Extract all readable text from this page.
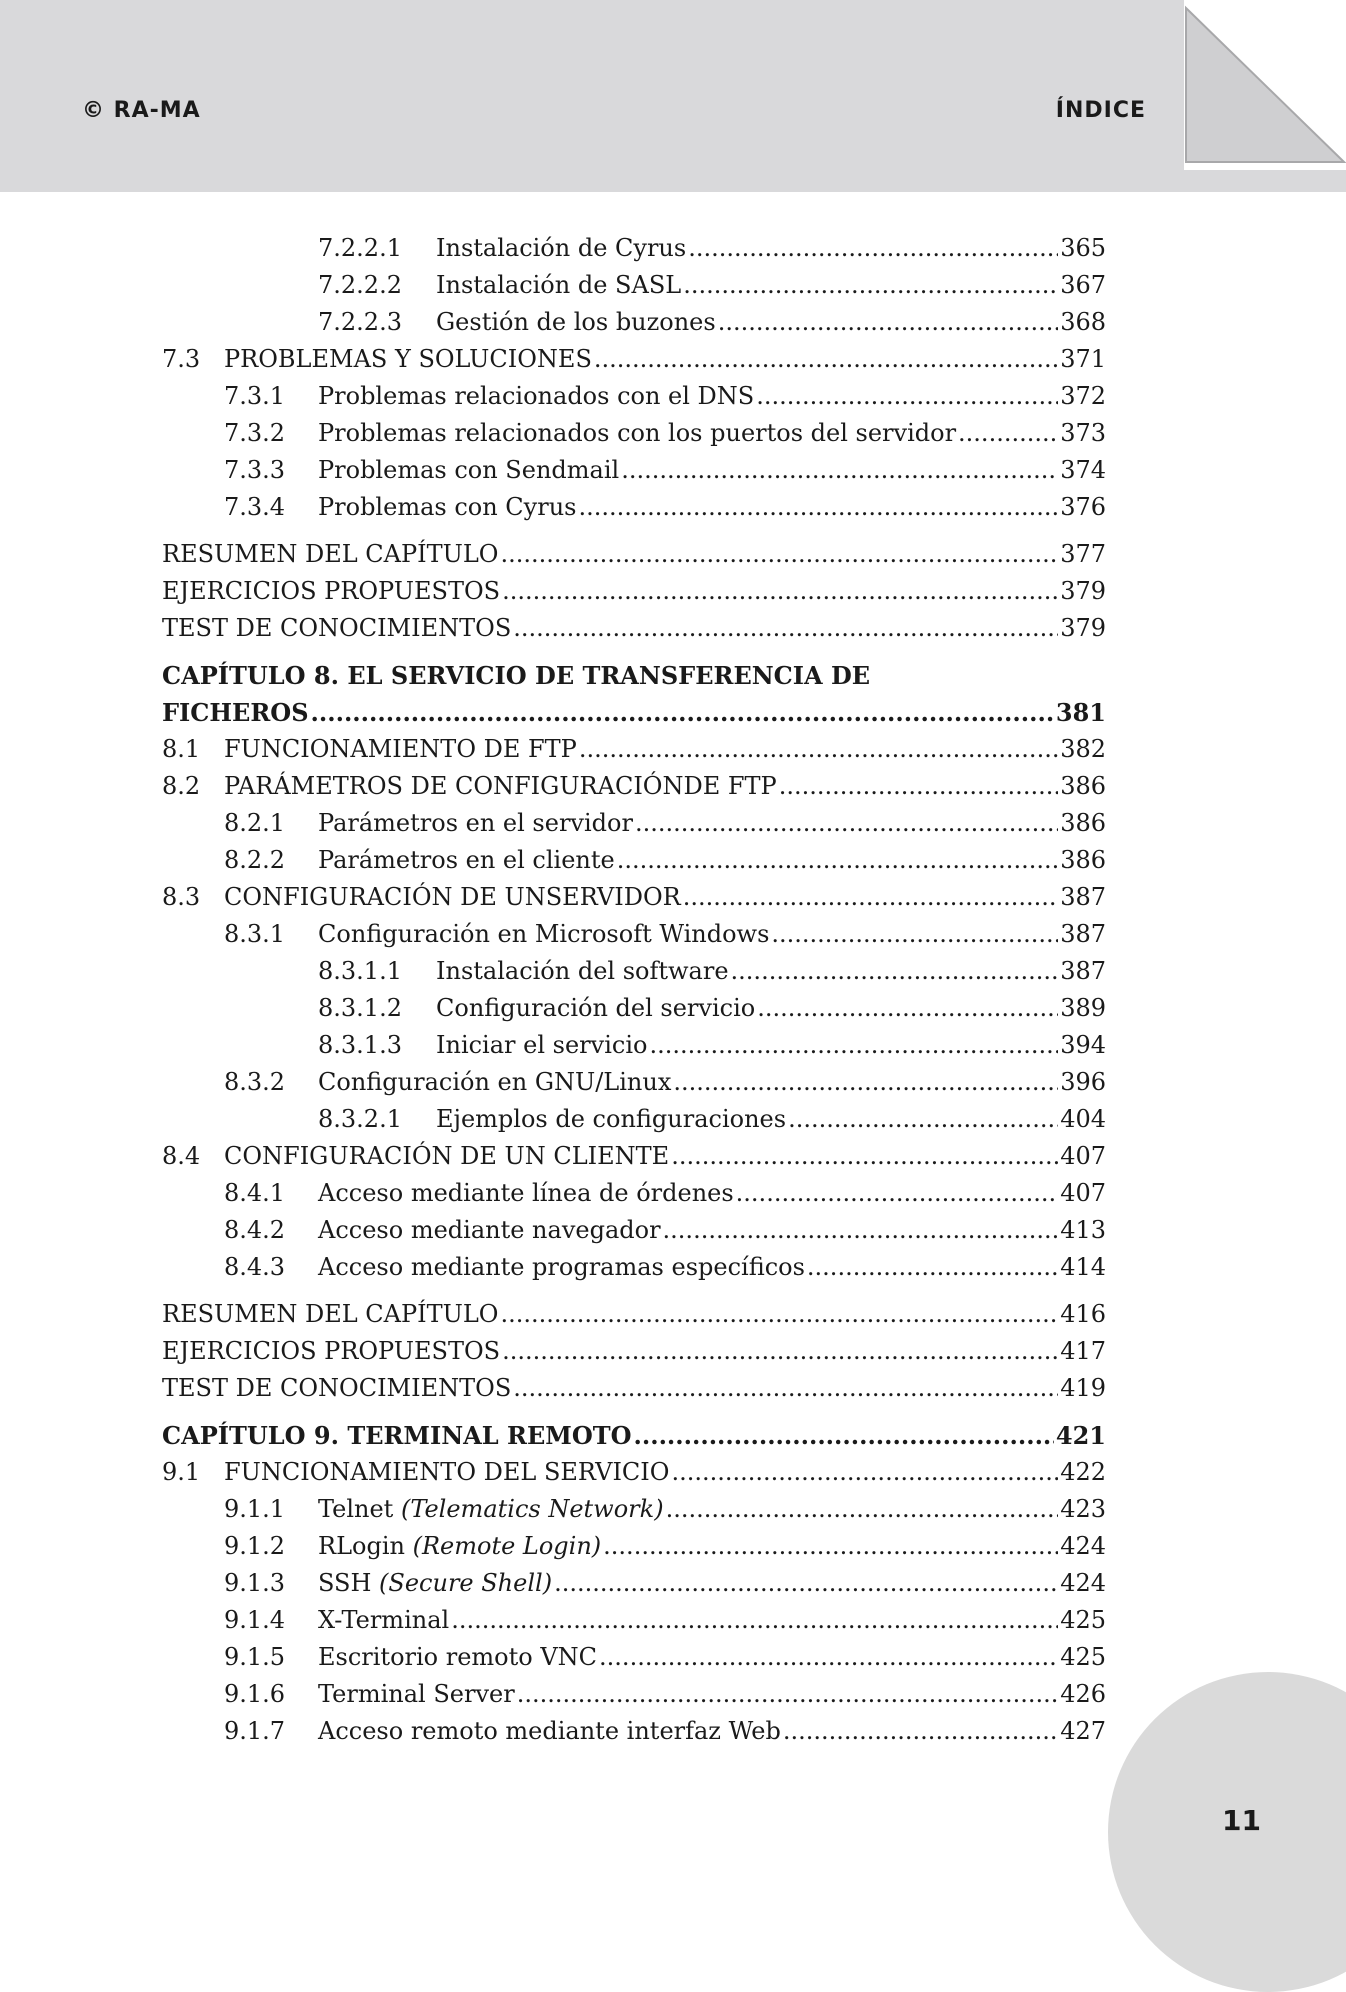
© RA-MA	ÍNDICE
11
7.2.2.1	Instalación de Cyrus .....	365
7.2.2.2	Instalación de SASL .....	367
7.2.2.3	Gestión de los buzones .....	368
7.3 PROBLEMAS Y SOLUCIONES .....	371
7.3.1	Problemas relacionados con el DNS .....	372
7.3.2	Problemas relacionados con los puertos del servidor .....	373
7.3.3	Problemas con Sendmail .....	374
7.3.4	Problemas con Cyrus .....	376
RESUMEN DEL CAPÍTULO .....	377
EJERCICIOS PROPUESTOS .....	379
TEST DE CONOCIMIENTOS .....	379
CAPÍTULO 8. EL SERVICIO DE TRANSFERENCIA DE
FICHEROS .....	381
8.1 FUNCIONAMIENTO DE FTP .....	382
8.2 PARÁMETROS DE CONFIGURACIÓNDE FTP .....	386
8.2.1	Parámetros en el servidor .....	386
8.2.2	Parámetros en el cliente .....	386
8.3 CONFIGURACIÓN DE UNSERVIDOR .....	387
8.3.1	Configuración en Microsoft Windows .....	387
8.3.1.1	Instalación del software .....	387
8.3.1.2	Configuración del servicio .....	389
8.3.1.3	Iniciar el servicio .....	394
8.3.2	Configuración en GNU/Linux .....	396
8.3.2.1	Ejemplos de configuraciones .....	404
8.4 CONFIGURACIÓN DE UN CLIENTE .....	407
8.4.1	Acceso mediante línea de órdenes .....	407
8.4.2	Acceso mediante navegador .....	413
8.4.3	Acceso mediante programas específicos .....	414
RESUMEN DEL CAPÍTULO .....	416
EJERCICIOS PROPUESTOS .....	417
TEST DE CONOCIMIENTOS .....	419
CAPÍTULO 9. TERMINAL REMOTO .....	421
9.1 FUNCIONAMIENTO DEL SERVICIO .....	422
9.1.1	Telnet (Telematics Network) .....	423
9.1.2	RLogin (Remote Login) .....	424
9.1.3	SSH (Secure Shell) .....	424
9.1.4	X-Terminal .....	425
9.1.5	Escritorio remoto VNC .....	425
9.1.6	Terminal Server .....	426
9.1.7	Acceso remoto mediante interfaz Web .....	427
